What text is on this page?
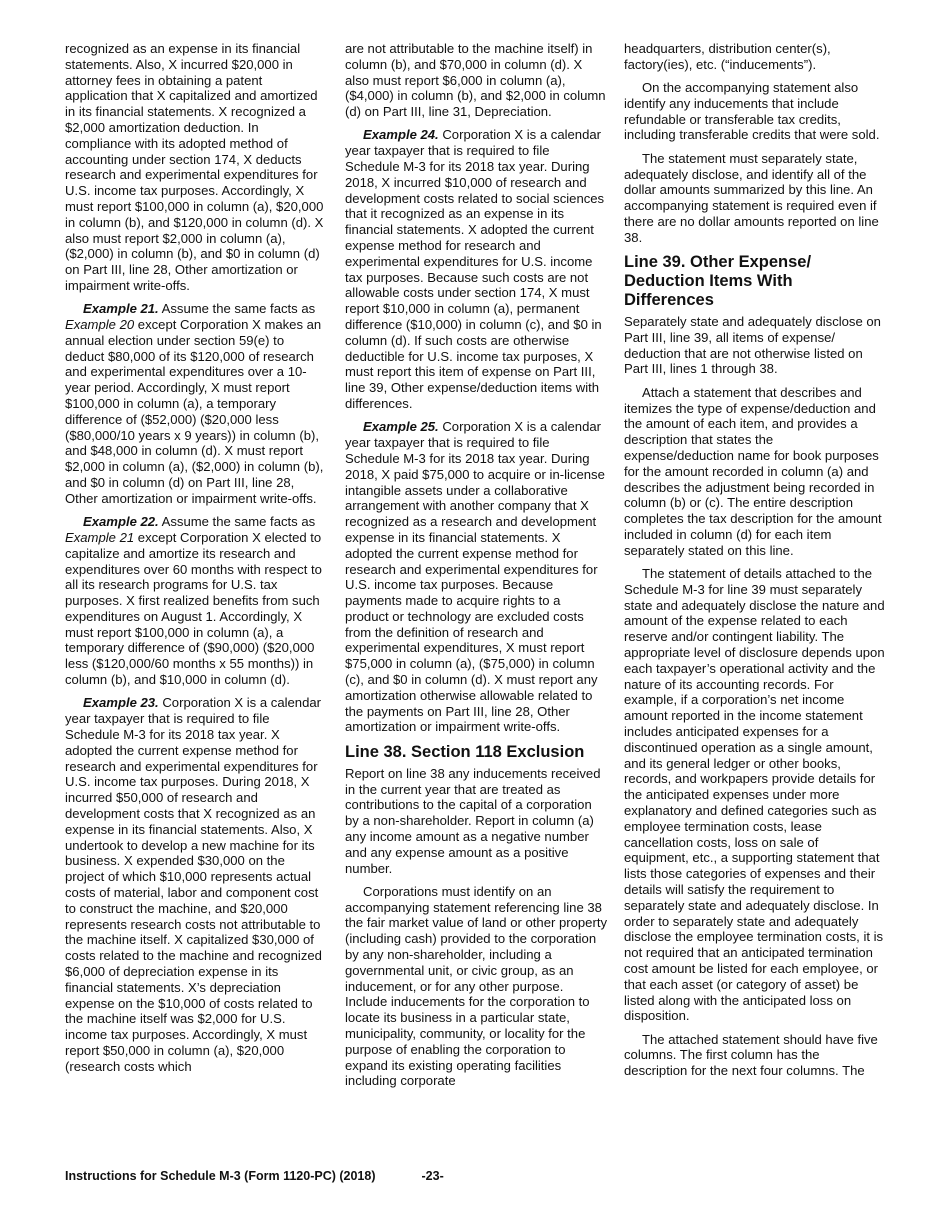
recognized as an expense in its financial statements. Also, X incurred $20,000 in attorney fees in obtaining a patent application that X capitalized and amortized in its financial statements. X recognized a $2,000 amortization deduction. In compliance with its adopted method of accounting under section 174, X deducts research and experimental expenditures for U.S. income tax purposes. Accordingly, X must report $100,000 in column (a), $20,000 in column (b), and $120,000 in column (d). X also must report $2,000 in column (a), ($2,000) in column (b), and $0 in column (d) on Part III, line 28, Other amortization or impairment write-offs.

Example 21. Assume the same facts as Example 20 except Corporation X makes an annual election under section 59(e) to deduct $80,000 of its $120,000 of research and experimental expenditures over a 10-year period. Accordingly, X must report $100,000 in column (a), a temporary difference of ($52,000) ($20,000 less ($80,000/10 years x 9 years)) in column (b), and $48,000 in column (d). X must report $2,000 in column (a), ($2,000) in column (b), and $0 in column (d) on Part III, line 28, Other amortization or impairment write-offs.

Example 22. Assume the same facts as Example 21 except Corporation X elected to capitalize and amortize its research and expenditures over 60 months with respect to all its research programs for U.S. tax purposes. X first realized benefits from such expenditures on August 1. Accordingly, X must report $100,000 in column (a), a temporary difference of ($90,000) ($20,000 less ($120,000/60 months x 55 months)) in column (b), and $10,000 in column (d).

Example 23. Corporation X is a calendar year taxpayer that is required to file Schedule M-3 for its 2018 tax year. X adopted the current expense method for research and experimental expenditures for U.S. income tax purposes. During 2018, X incurred $50,000 of research and development costs that X recognized as an expense in its financial statements. Also, X undertook to develop a new machine for its business. X expended $30,000 on the project of which $10,000 represents actual costs of material, labor and component cost to construct the machine, and $20,000 represents research costs not attributable to the machine itself. X capitalized $30,000 of costs related to the machine and recognized $6,000 of depreciation expense in its financial statements. X’s depreciation expense on the $10,000 of costs related to the machine itself was $2,000 for U.S. income tax purposes. Accordingly, X must report $50,000 in column (a), $20,000 (research costs which

are not attributable to the machine itself) in column (b), and $70,000 in column (d). X also must report $6,000 in column (a), ($4,000) in column (b), and $2,000 in column (d) on Part III, line 31, Depreciation.

Example 24. Corporation X is a calendar year taxpayer that is required to file Schedule M-3 for its 2018 tax year. During 2018, X incurred $10,000 of research and development costs related to social sciences that it recognized as an expense in its financial statements. X adopted the current expense method for research and experimental expenditures for U.S. income tax purposes. Because such costs are not allowable costs under section 174, X must report $10,000 in column (a), permanent difference ($10,000) in column (c), and $0 in column (d). If such costs are otherwise deductible for U.S. income tax purposes, X must report this item of expense on Part III, line 39, Other expense/deduction items with differences.

Example 25. Corporation X is a calendar year taxpayer that is required to file Schedule M-3 for its 2018 tax year. During 2018, X paid $75,000 to acquire or in-license intangible assets under a collaborative arrangement with another company that X recognized as a research and development expense in its financial statements. X adopted the current expense method for research and experimental expenditures for U.S. income tax purposes. Because payments made to acquire rights to a product or technology are excluded costs from the definition of research and experimental expenditures, X must report $75,000 in column (a), ($75,000) in column (c), and $0 in column (d). X must report any amortization otherwise allowable related to the payments on Part III, line 28, Other amortization or impairment write-offs.

Line 38. Section 118 Exclusion

Report on line 38 any inducements received in the current year that are treated as contributions to the capital of a corporation by a non-shareholder. Report in column (a) any income amount as a negative number and any expense amount as a positive number.

Corporations must identify on an accompanying statement referencing line 38 the fair market value of land or other property (including cash) provided to the corporation by any non-shareholder, including a governmental unit, or civic group, as an inducement, or for any other purpose. Include inducements for the corporation to locate its business in a particular state, municipality, community, or locality for the purpose of enabling the corporation to expand its existing operating facilities including corporate

headquarters, distribution center(s), factory(ies), etc. (“inducements”).

On the accompanying statement also identify any inducements that include refundable or transferable tax credits, including transferable credits that were sold.

The statement must separately state, adequately disclose, and identify all of the dollar amounts summarized by this line. An accompanying statement is required even if there are no dollar amounts reported on line 38.

Line 39. Other Expense/ Deduction Items With Differences

Separately state and adequately disclose on Part III, line 39, all items of expense/ deduction that are not otherwise listed on Part III, lines 1 through 38.

Attach a statement that describes and itemizes the type of expense/deduction and the amount of each item, and provides a description that states the expense/deduction name for book purposes for the amount recorded in column (a) and describes the adjustment being recorded in column (b) or (c). The entire description completes the tax description for the amount included in column (d) for each item separately stated on this line.

The statement of details attached to the Schedule M-3 for line 39 must separately state and adequately disclose the nature and amount of the expense related to each reserve and/or contingent liability. The appropriate level of disclosure depends upon each taxpayer’s operational activity and the nature of its accounting records. For example, if a corporation’s net income amount reported in the income statement includes anticipated expenses for a discontinued operation as a single amount, and its general ledger or other books, records, and workpapers provide details for the anticipated expenses under more explanatory and defined categories such as employee termination costs, lease cancellation costs, loss on sale of equipment, etc., a supporting statement that lists those categories of expenses and their details will satisfy the requirement to separately state and adequately disclose. In order to separately state and adequately disclose the employee termination costs, it is not required that an anticipated termination cost amount be listed for each employee, or that each asset (or category of asset) be listed along with the anticipated loss on disposition.

The attached statement should have five columns. The first column has the description for the next four columns. The

Instructions for Schedule M-3 (Form 1120-PC) (2018)	-23-
